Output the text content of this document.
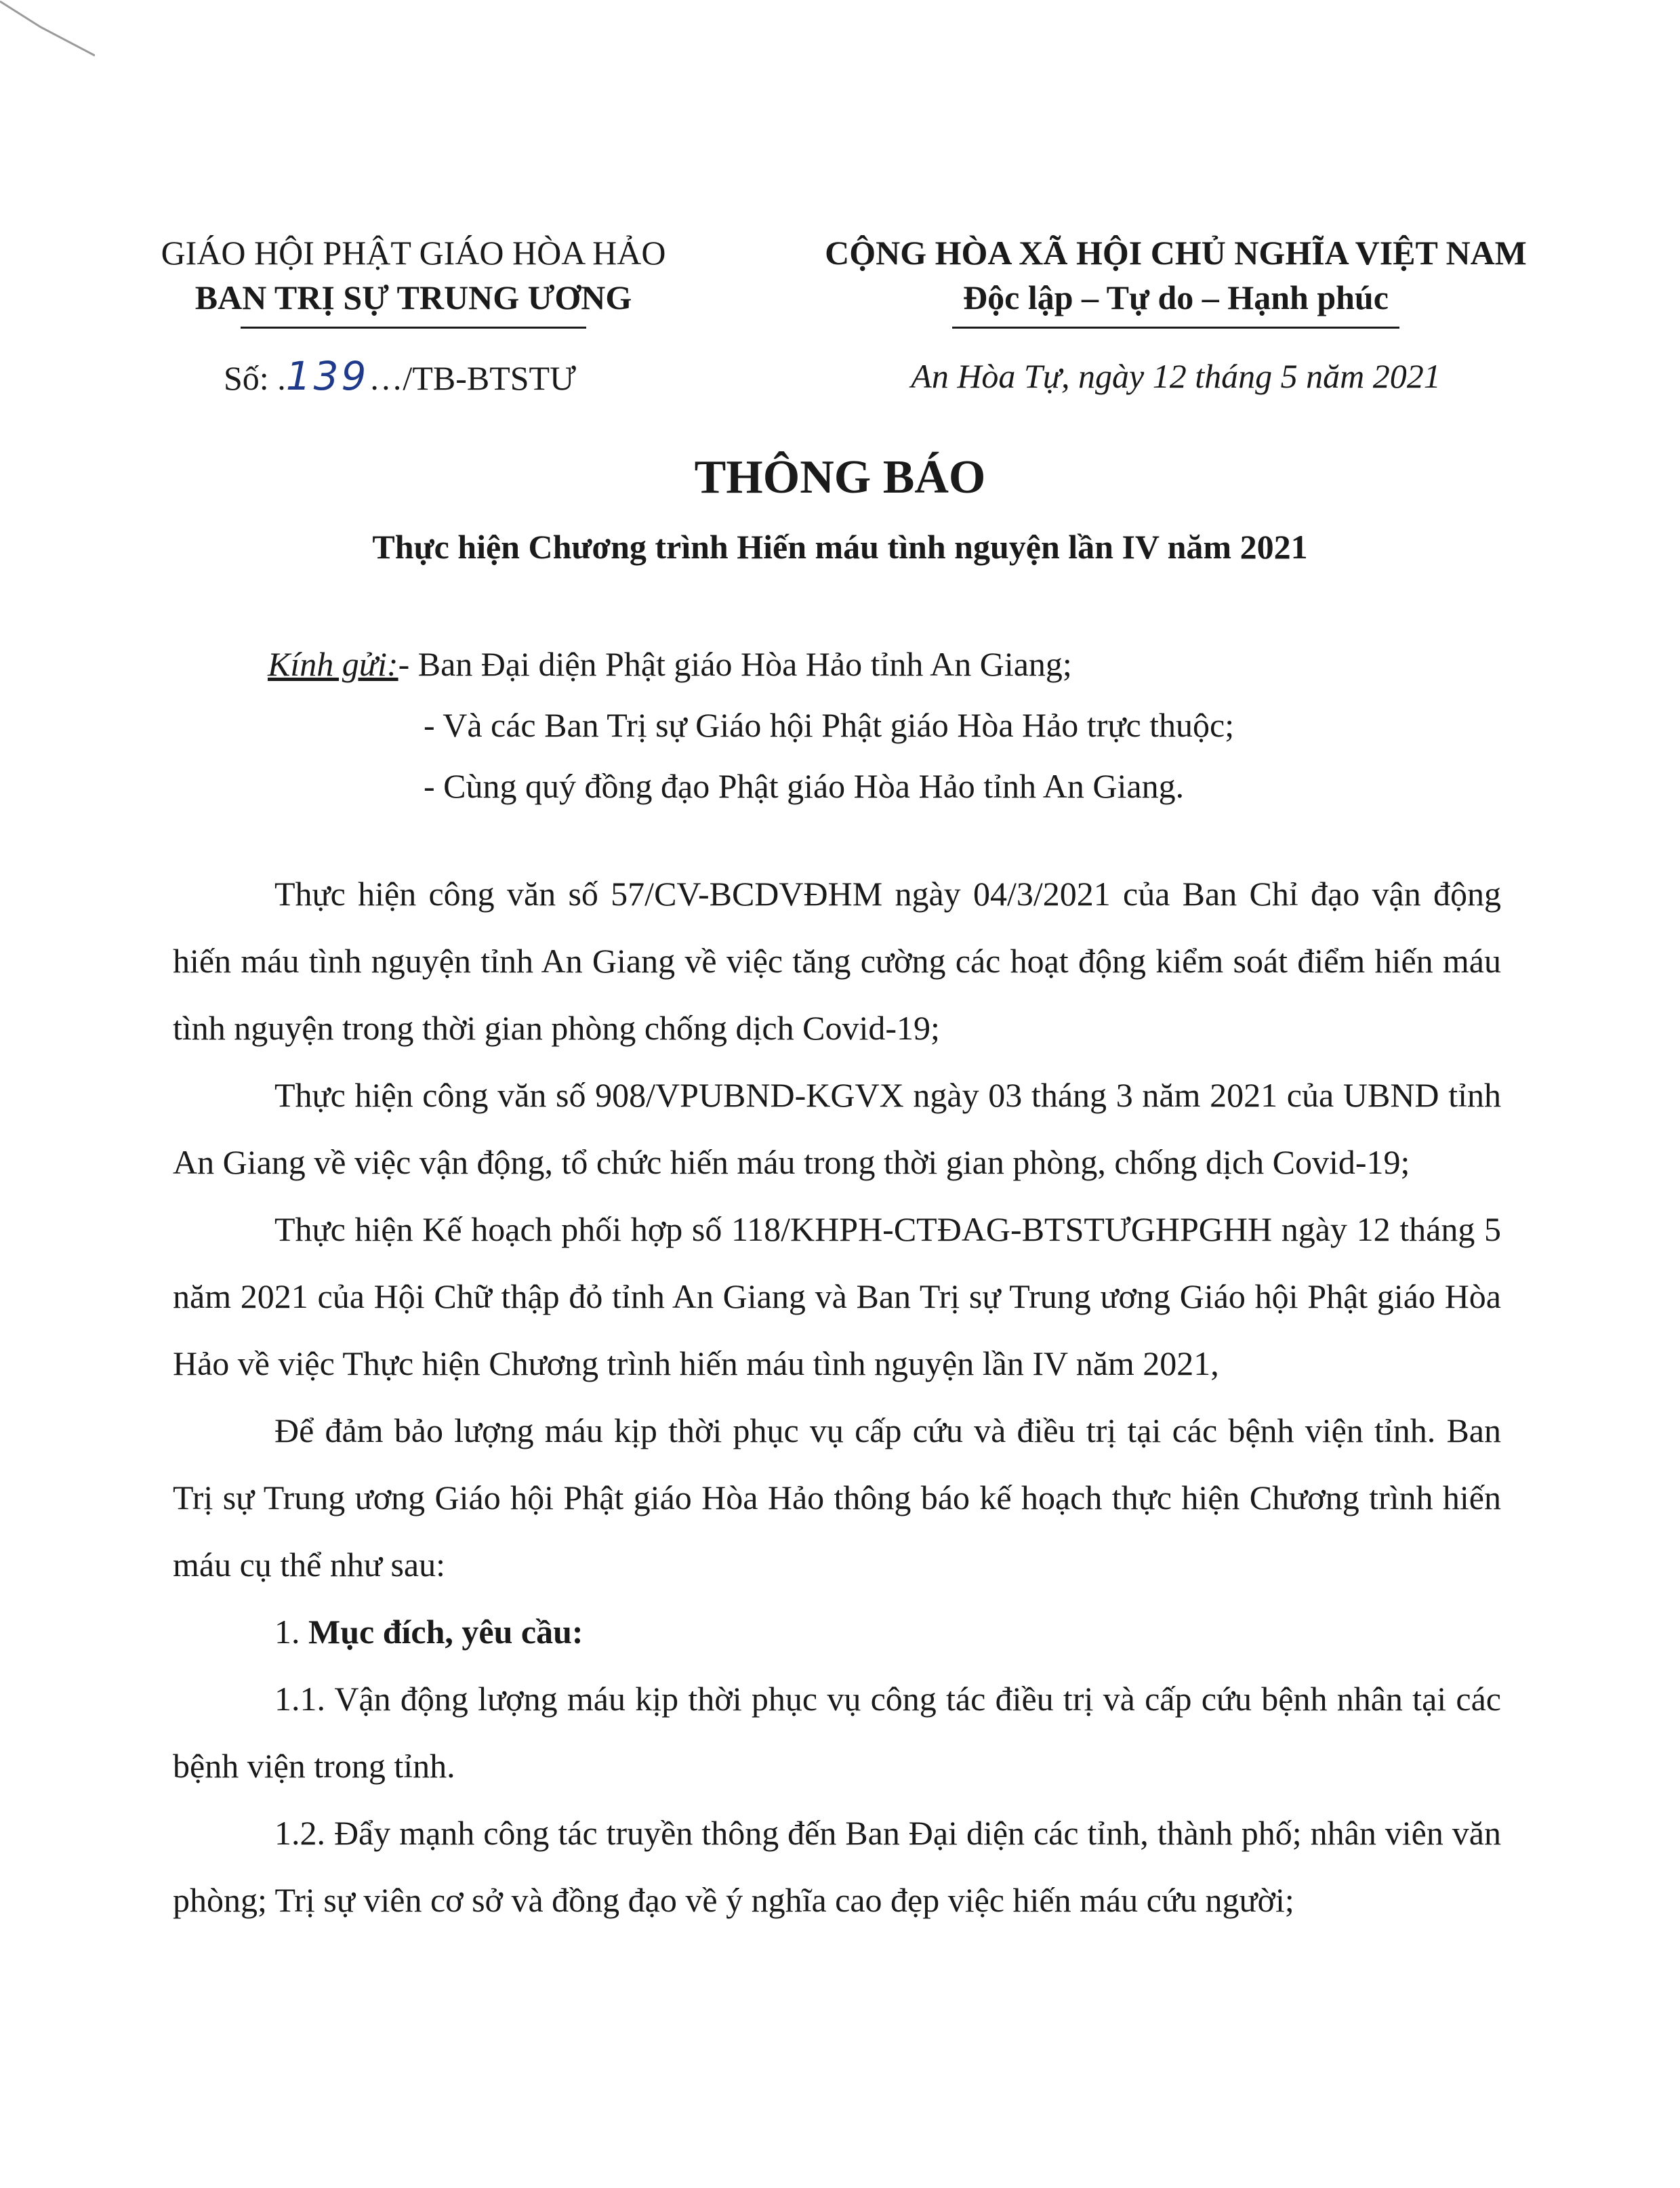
GIÁO HỘI PHẬT GIÁO HÒA HẢO
BAN TRỊ SỰ TRUNG ƯƠNG
CỘNG HÒA XÃ HỘI CHỦ NGHĨA VIỆT NAM
Độc lập – Tự do – Hạnh phúc
Số: .139…/TB-BTSTƯ	An Hòa Tự, ngày 12 tháng 5 năm 2021
THÔNG BÁO
Thực hiện Chương trình Hiến máu tình nguyện lần IV năm 2021
Kính gửi:- Ban Đại diện Phật giáo Hòa Hảo tỉnh An Giang;
- Và các Ban Trị sự Giáo hội Phật giáo Hòa Hảo trực thuộc;
- Cùng quý đồng đạo Phật giáo Hòa Hảo tỉnh An Giang.

Thực hiện công văn số 57/CV-BCDVĐHM ngày 04/3/2021 của Ban Chỉ đạo vận động hiến máu tình nguyện tỉnh An Giang về việc tăng cường các hoạt động kiểm soát điểm hiến máu tình nguyện trong thời gian phòng chống dịch Covid-19;

Thực hiện công văn số 908/VPUBND-KGVX ngày 03 tháng 3 năm 2021 của UBND tỉnh An Giang về việc vận động, tổ chức hiến máu trong thời gian phòng, chống dịch Covid-19;

Thực hiện Kế hoạch phối hợp số 118/KHPH-CTĐAG-BTSTƯGHPGHH ngày 12 tháng 5 năm 2021 của Hội Chữ thập đỏ tỉnh An Giang và Ban Trị sự Trung ương Giáo hội Phật giáo Hòa Hảo về việc Thực hiện Chương trình hiến máu tình nguyện lần IV năm 2021,

Để đảm bảo lượng máu kịp thời phục vụ cấp cứu và điều trị tại các bệnh viện tỉnh. Ban Trị sự Trung ương Giáo hội Phật giáo Hòa Hảo thông báo kế hoạch thực hiện Chương trình hiến máu cụ thể như sau:

1. Mục đích, yêu cầu:

1.1. Vận động lượng máu kịp thời phục vụ công tác điều trị và cấp cứu bệnh nhân tại các bệnh viện trong tỉnh.

1.2. Đẩy mạnh công tác truyền thông đến Ban Đại diện các tỉnh, thành phố; nhân viên văn phòng; Trị sự viên cơ sở và đồng đạo về ý nghĩa cao đẹp việc hiến máu cứu người;
